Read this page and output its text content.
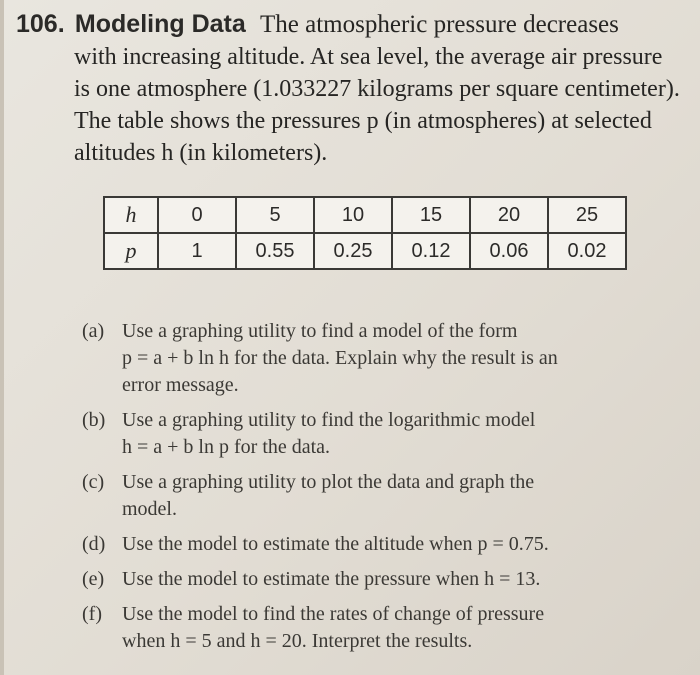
106. Modeling Data The atmospheric pressure decreases
with increasing altitude. At sea level, the average air pressure
is one atmosphere (1.033227 kilograms per square centimeter).
The table shows the pressures p (in atmospheres) at selected
altitudes h (in kilometers).
h	0	5	10	15	20	25
p	1	0.55	0.25	0.12	0.06	0.02
(a) Use a graphing utility to find a model of the form
p = a + b ln h for the data. Explain why the result is an
error message.
(b) Use a graphing utility to find the logarithmic model
h = a + b ln p for the data.
(c) Use a graphing utility to plot the data and graph the
model.
(d) Use the model to estimate the altitude when p = 0.75.
(e) Use the model to estimate the pressure when h = 13.
(f) Use the model to find the rates of change of pressure
when h = 5 and h = 20. Interpret the results.
